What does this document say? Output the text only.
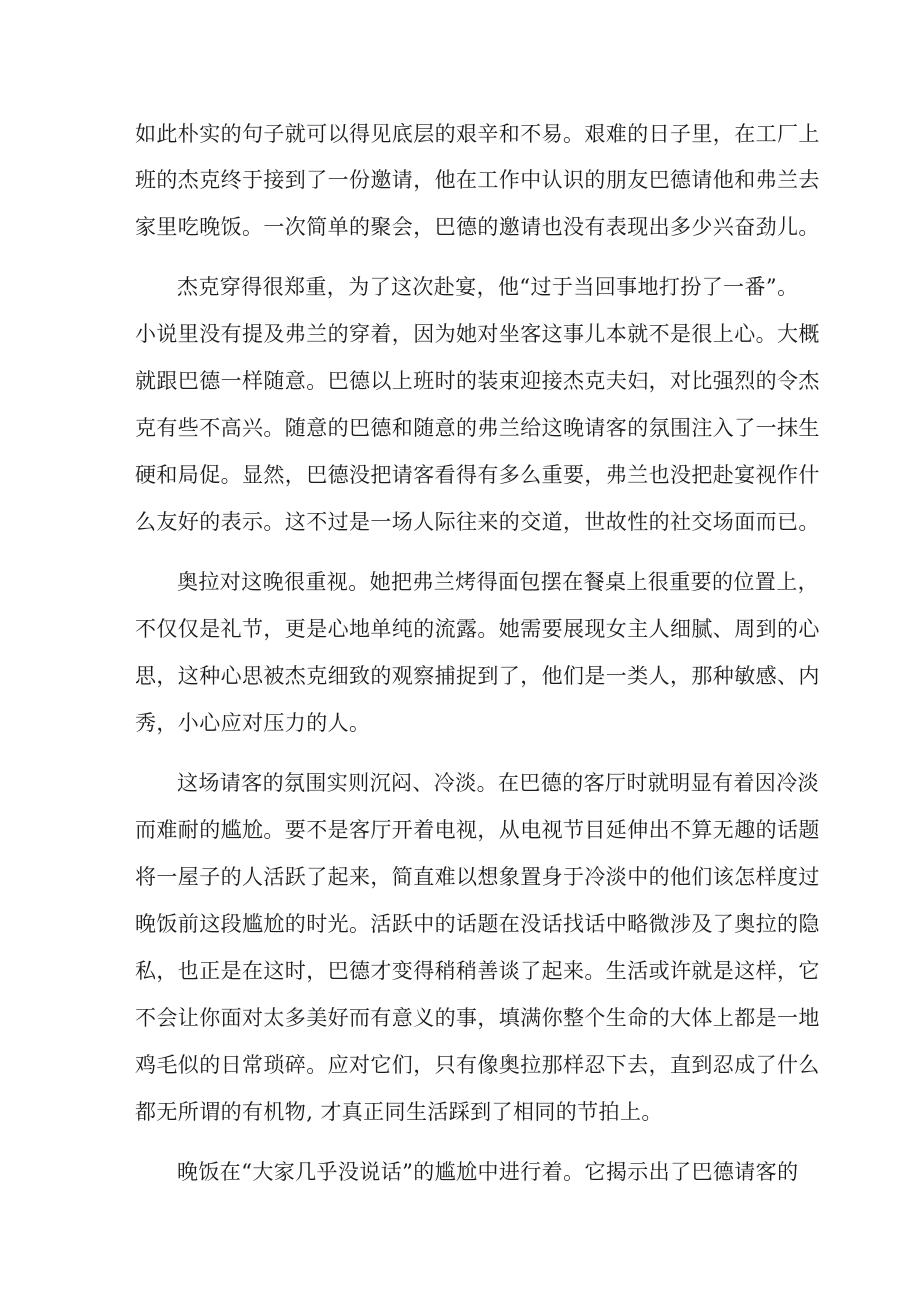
如此朴实的句子就可以得见底层的艰辛和不易。艰难的日子里，在工厂上
班的杰克终于接到了一份邀请，他在工作中认识的朋友巴德请他和弗兰去
家里吃晚饭。一次简单的聚会，巴德的邀请也没有表现出多少兴奋劲儿。
杰克穿得很郑重，为了这次赴宴，他“过于当回事地打扮了一番”。
小说里没有提及弗兰的穿着，因为她对坐客这事儿本就不是很上心。大概
就跟巴德一样随意。巴德以上班时的装束迎接杰克夫妇，对比强烈的令杰
克有些不高兴。随意的巴德和随意的弗兰给这晚请客的氛围注入了一抹生
硬和局促。显然，巴德没把请客看得有多么重要，弗兰也没把赴宴视作什
么友好的表示。这不过是一场人际往来的交道，世故性的社交场面而已。
奥拉对这晚很重视。她把弗兰烤得面包摆在餐桌上很重要的位置上，
不仅仅是礼节，更是心地单纯的流露。她需要展现女主人细腻、周到的心
思，这种心思被杰克细致的观察捕捉到了，他们是一类人，那种敏感、内
秀，小心应对压力的人。
这场请客的氛围实则沉闷、冷淡。在巴德的客厅时就明显有着因冷淡
而难耐的尴尬。要不是客厅开着电视，从电视节目延伸出不算无趣的话题
将一屋子的人活跃了起来，简直难以想象置身于冷淡中的他们该怎样度过
晚饭前这段尴尬的时光。活跃中的话题在没话找话中略微涉及了奥拉的隐
私，也正是在这时，巴德才变得稍稍善谈了起来。生活或许就是这样，它
不会让你面对太多美好而有意义的事，填满你整个生命的大体上都是一地
鸡毛似的日常琐碎。应对它们，只有像奥拉那样忍下去，直到忍成了什么
都无所谓的有机物, 才真正同生活踩到了相同的节拍上。
晚饭在“大家几乎没说话”的尴尬中进行着。它揭示出了巴德请客的
